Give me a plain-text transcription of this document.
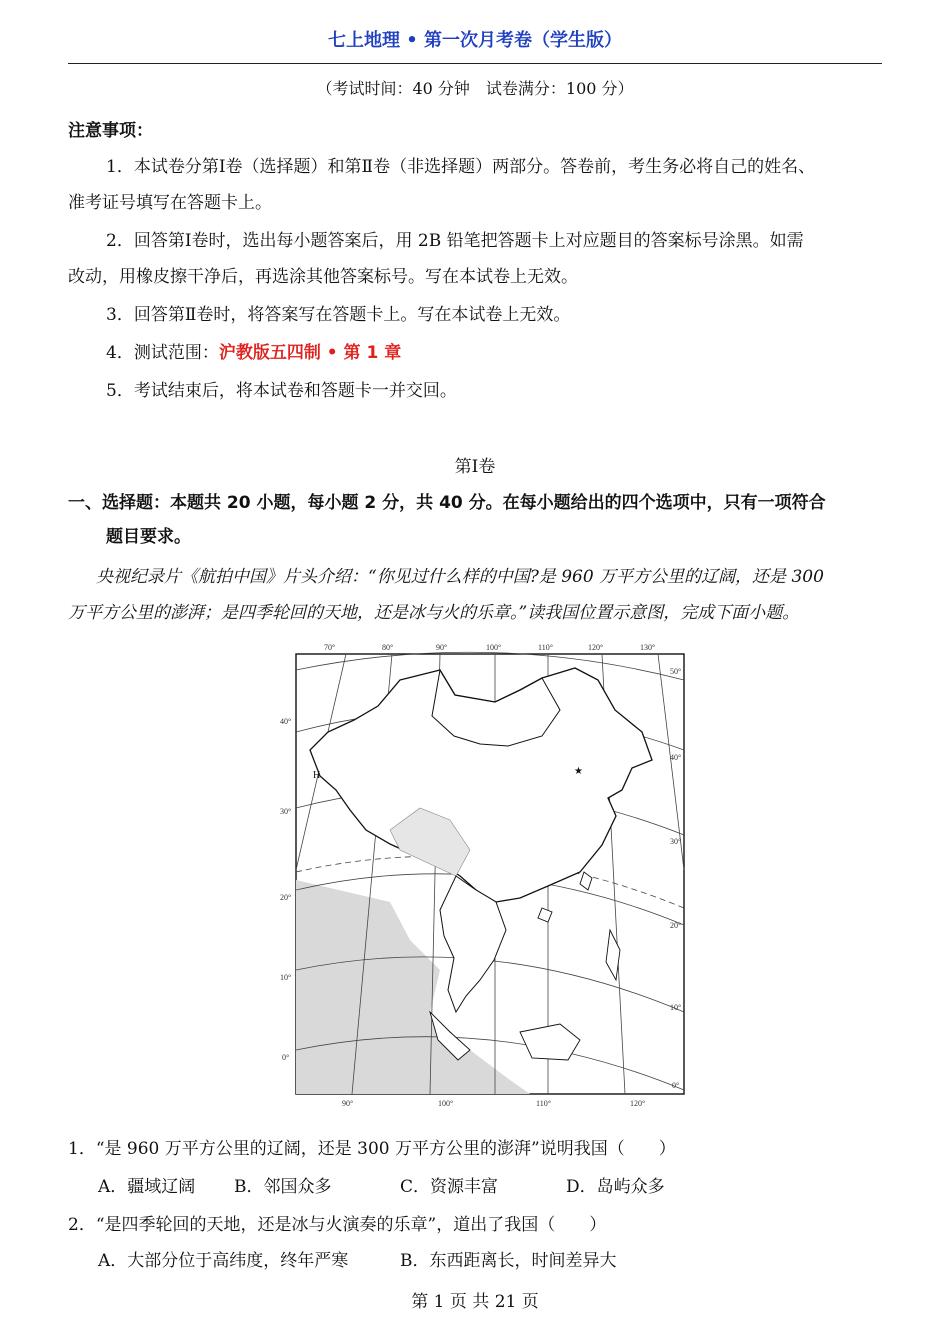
七上地理 • 第一次月考卷（学生版）
（考试时间：40 分钟　试卷满分：100 分）
注意事项：
1．本试卷分第Ⅰ卷（选择题）和第Ⅱ卷（非选择题）两部分。答卷前，考生务必将自己的姓名、
准考证号填写在答题卡上。
2．回答第Ⅰ卷时，选出每小题答案后，用 2B 铅笔把答题卡上对应题目的答案标号涂黑。如需
改动，用橡皮擦干净后，再选涂其他答案标号。写在本试卷上无效。
3．回答第Ⅱ卷时，将答案写在答题卡上。写在本试卷上无效。
4．测试范围：沪教版五四制 • 第 1 章
5．考试结束后，将本试卷和答题卡一并交回。
第Ⅰ卷
一、选择题：本题共 20 小题，每小题 2 分，共 40 分。在每小题给出的四个选项中，只有一项符合
题目要求。
央视纪录片《航拍中国》片头介绍：“你见过什么样的中国?是 960 万平方公里的辽阔，还是 300
万平方公里的澎湃；是四季轮回的天地，还是冰与火的乐章。”读我国位置示意图，完成下面小题。
★
H
70°	80°	90°	100°	110°	120°	130°
90°	100°	110°	120°
40°
30°
20°
10°
0°
50°
40°
30°
20°
10°
0°
1．“是 960 万平方公里的辽阔，还是 300 万平方公里的澎湃”说明我国（　　）
A．疆域辽阔 B．邻国众多	C．资源丰富	D．岛屿众多
2．“是四季轮回的天地，还是冰与火演奏的乐章”，道出了我国（　　）
A．大部分位于高纬度，终年严寒	B．东西距离长，时间差异大
第 1 页 共 21 页
